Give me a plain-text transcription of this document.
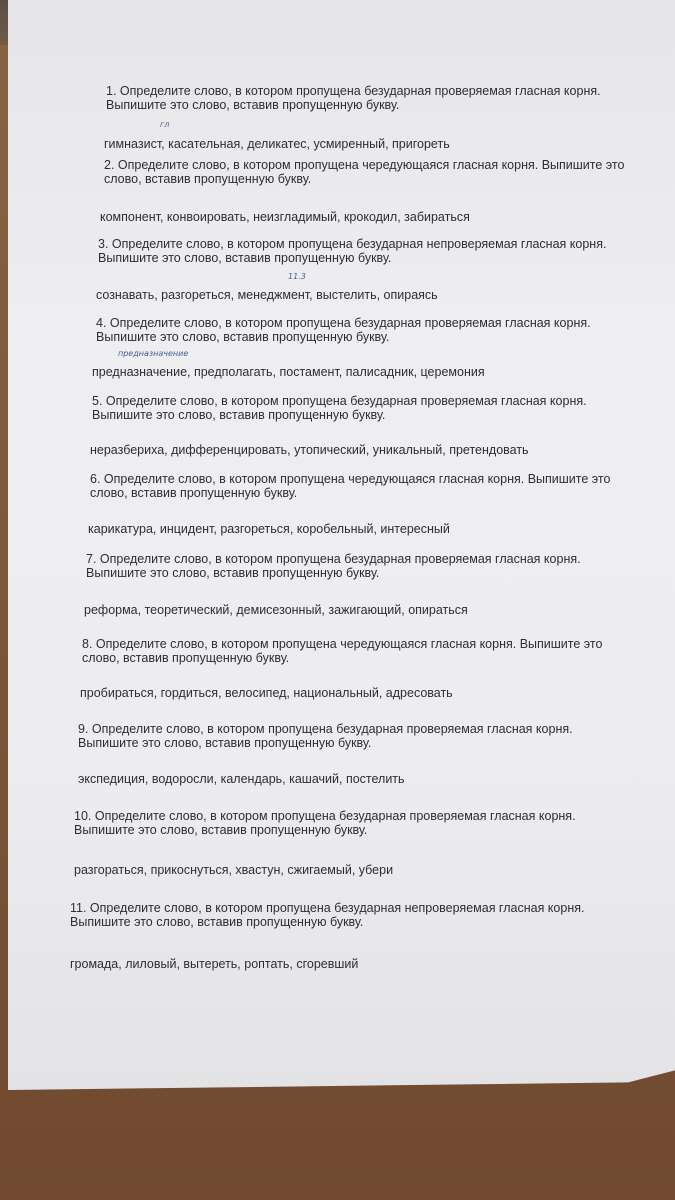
1. Определите слово, в котором пропущена безударная проверяемая гласная корня.
Выпишите это слово, вставив пропущенную букву.
гимназист, касательная, деликатес, усмиренный, пригореть
гл
2. Определите слово, в котором пропущена чередующаяся гласная корня. Выпишите это
слово, вставив пропущенную букву.
компонент, конвоировать, неизгладимый, крокодил, забираться
3. Определите слово, в котором пропущена безударная непроверяемая гласная корня.
Выпишите это слово, вставив пропущенную букву.
сознавать, разгореться, менеджмент, выстелить, опираясь
11.3
4. Определите слово, в котором пропущена безударная проверяемая гласная корня.
Выпишите это слово, вставив пропущенную букву.
предназначение, предполагать, постамент, палисадник, церемония
предназначение
5. Определите слово, в котором пропущена безударная проверяемая гласная корня.
Выпишите это слово, вставив пропущенную букву.
неразбериха, дифференцировать, утопический, уникальный, претендовать
6. Определите слово, в котором пропущена чередующаяся гласная корня. Выпишите это
слово, вставив пропущенную букву.
карикатура, инцидент, разгореться, коробельный, интересный
7. Определите слово, в котором пропущена безударная проверяемая гласная корня.
Выпишите это слово, вставив пропущенную букву.
реформа, теоретический, демисезонный, зажигающий, опираться
8. Определите слово, в котором пропущена чередующаяся гласная корня. Выпишите это
слово, вставив пропущенную букву.
пробираться, гордиться, велосипед, национальный, адресовать
9. Определите слово, в котором пропущена безударная проверяемая гласная корня.
Выпишите это слово, вставив пропущенную букву.
экспедиция, водоросли, календарь, кашачий, постелить
10. Определите слово, в котором пропущена безударная проверяемая гласная корня.
Выпишите это слово, вставив пропущенную букву.
разгораться, прикоснуться, хвастун, сжигаемый, убери
11. Определите слово, в котором пропущена безударная непроверяемая гласная корня.
Выпишите это слово, вставив пропущенную букву.
громада, лиловый, вытереть, роптать, сгоревший
